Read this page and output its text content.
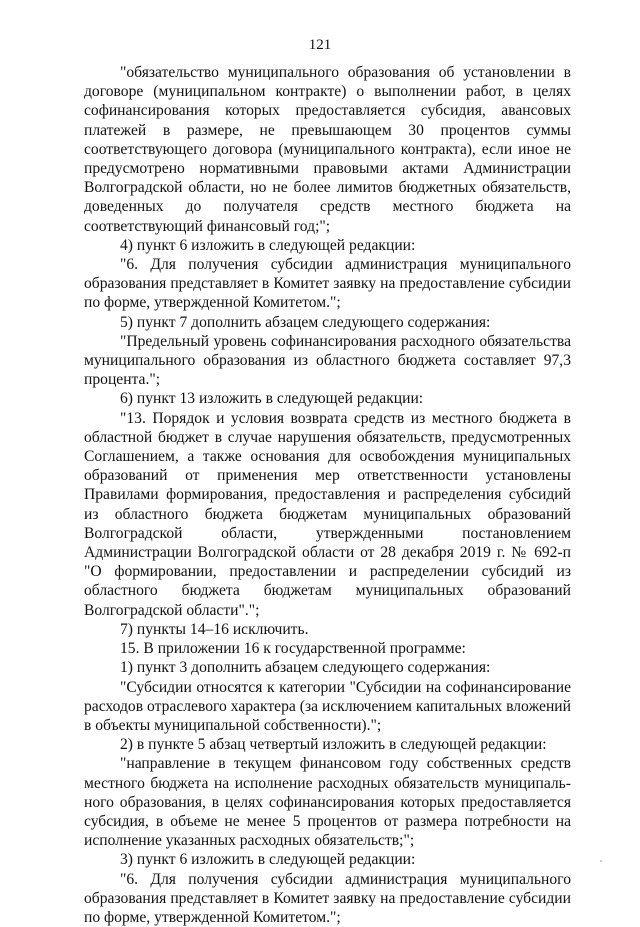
121

"обязательство муниципального образования об установлении в договоре (муниципальном контракте) о выполнении работ, в целях софинансирования которых предоставляется субсидия, авансовых платежей в размере, не превышающем 30 процентов суммы соответствующего договора (муниципального контракта), если иное не предусмотрено нормативными правовыми актами Администрации Волгоградской области, но не более лимитов бюджетных обязательств, доведенных до получателя средств местного бюджета на соответствующий финансовый год;";

4) пункт 6 изложить в следующей редакции:

"6. Для получения субсидии администрация муниципального образования представляет в Комитет заявку на предоставление субсидии по форме, утвержденной Комитетом.";

5) пункт 7 дополнить абзацем следующего содержания:

"Предельный уровень софинансирования расходного обязательства муниципального образования из областного бюджета составляет 97,3 процента.";

6) пункт 13 изложить в следующей редакции:

"13. Порядок и условия возврата средств из местного бюджета в областной бюджет в случае нарушения обязательств, предусмотренных Соглашением, а также основания для освобождения муниципальных образований от применения мер ответственности установлены Правилами формирования, предоставления и распределения субсидий из областного бюджета бюджетам муниципальных образований Волгоградской области, утвержденными постановлением Администрации Волгоградской области от 28 декабря 2019 г. № 692-п "О формировании, предоставлении и распределении субсидий из областного бюджета бюджетам муниципальных образований Волгоградской области".";

7) пункты 14–16 исключить.

15. В приложении 16 к государственной программе:

1) пункт 3 дополнить абзацем следующего содержания:

"Субсидии относятся к категории "Субсидии на софинансирование расходов отраслевого характера (за исключением капитальных вложений в объекты муниципальной собственности).";

2) в пункте 5 абзац четвертый изложить в следующей редакции:

"направление в текущем финансовом году собственных средств местного бюджета на исполнение расходных обязательств муниципального образования, в целях софинансирования которых предоставляется субсидия, в объеме не менее 5 процентов от размера потребности на исполнение указанных расходных обязательств;";

3) пункт 6 изложить в следующей редакции:

"6. Для получения субсидии администрация муниципального образования представляет в Комитет заявку на предоставление субсидии по форме, утвержденной Комитетом.";
